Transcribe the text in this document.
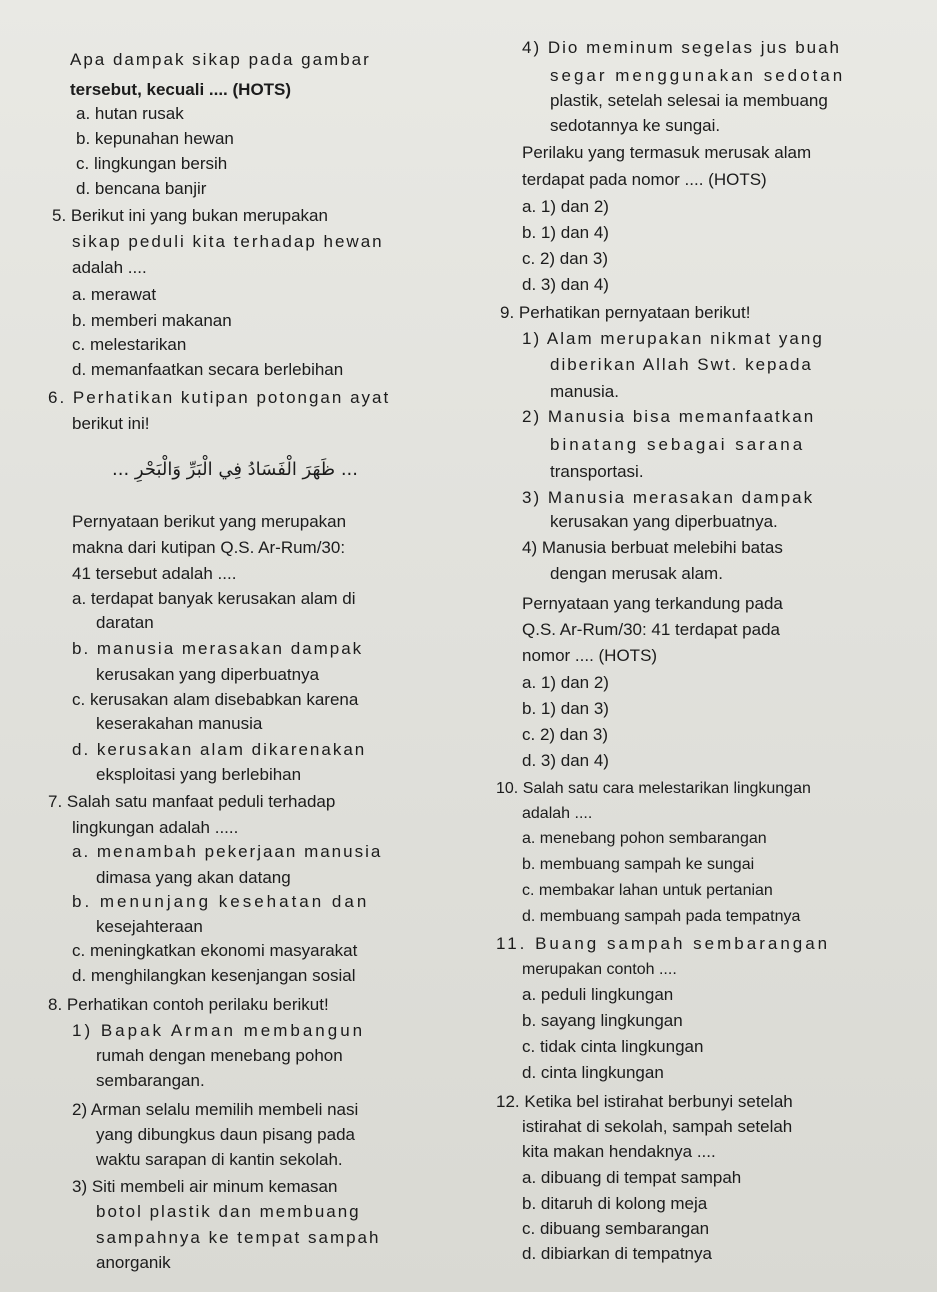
Apa dampak sikap pada gambar
tersebut, kecuali .... (HOTS)
a. hutan rusak
b. kepunahan hewan
c. lingkungan bersih
d. bencana banjir
5. Berikut ini yang bukan merupakan
sikap peduli kita terhadap hewan
adalah ....
a. merawat
b. memberi makanan
c. melestarikan
d. memanfaatkan secara berlebihan
6. Perhatikan kutipan potongan ayat
berikut ini!
... ظَهَرَ الْفَسَادُ فِي الْبَرِّ وَالْبَحْرِ ...
Pernyataan berikut yang merupakan
makna dari kutipan Q.S. Ar-Rum/30:
41 tersebut adalah ....
a. terdapat banyak kerusakan alam di
daratan
b. manusia merasakan dampak
kerusakan yang diperbuatnya
c. kerusakan alam disebabkan karena
keserakahan manusia
d. kerusakan alam dikarenakan
eksploitasi yang berlebihan
7. Salah satu manfaat peduli terhadap
lingkungan adalah .....
a. menambah pekerjaan manusia
dimasa yang akan datang
b. menunjang kesehatan dan
kesejahteraan
c. meningkatkan ekonomi masyarakat
d. menghilangkan kesenjangan sosial
8. Perhatikan contoh perilaku berikut!
1) Bapak Arman membangun
rumah dengan menebang pohon
sembarangan.
2) Arman selalu memilih membeli nasi
yang dibungkus daun pisang pada
waktu sarapan di kantin sekolah.
3) Siti membeli air minum kemasan
botol plastik dan membuang
sampahnya ke tempat sampah
anorganik
4) Dio meminum segelas jus buah
segar menggunakan sedotan
plastik, setelah selesai ia membuang
sedotannya ke sungai.
Perilaku yang termasuk merusak alam
terdapat pada nomor .... (HOTS)
a. 1) dan 2)
b. 1) dan 4)
c. 2) dan 3)
d. 3) dan 4)
9. Perhatikan pernyataan berikut!
1) Alam merupakan nikmat yang
diberikan Allah Swt. kepada
manusia.
2) Manusia bisa memanfaatkan
binatang sebagai sarana
transportasi.
3) Manusia merasakan dampak
kerusakan yang diperbuatnya.
4) Manusia berbuat melebihi batas
dengan merusak alam.
Pernyataan yang terkandung pada
Q.S. Ar-Rum/30: 41 terdapat pada
nomor .... (HOTS)
a. 1) dan 2)
b. 1) dan 3)
c. 2) dan 3)
d. 3) dan 4)
10. Salah satu cara melestarikan lingkungan
adalah ....
a. menebang pohon sembarangan
b. membuang sampah ke sungai
c. membakar lahan untuk pertanian
d. membuang sampah pada tempatnya
11. Buang sampah sembarangan
merupakan contoh ....
a. peduli lingkungan
b. sayang lingkungan
c. tidak cinta lingkungan
d. cinta lingkungan
12. Ketika bel istirahat berbunyi setelah
istirahat di sekolah, sampah setelah
kita makan hendaknya ....
a. dibuang di tempat sampah
b. ditaruh di kolong meja
c. dibuang sembarangan
d. dibiarkan di tempatnya
